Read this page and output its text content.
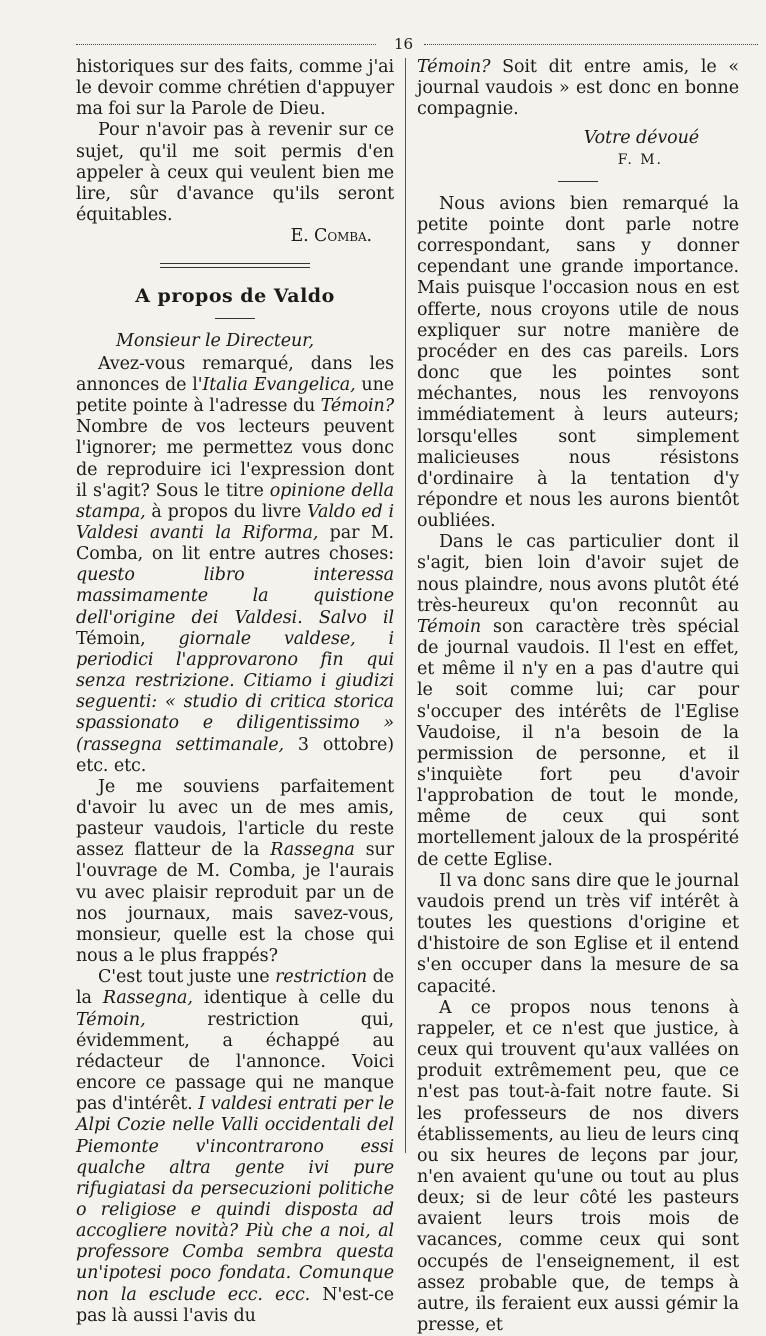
16

historiques sur des faits, comme j'ai le devoir comme chrétien d'appuyer ma foi sur la Parole de Dieu.

Pour n'avoir pas à revenir sur ce sujet, qu'il me soit permis d'en appeler à ceux qui veulent bien me lire, sûr d'avance qu'ils seront équitables.

E. Comba.

A propos de Valdo

Monsieur le Directeur,

Avez-vous remarqué, dans les annonces de l'Italia Evangelica, une petite pointe à l'adresse du Témoin? Nombre de vos lecteurs peuvent l'ignorer; me permettez vous donc de reproduire ici l'expression dont il s'agit? Sous le titre opinione della stampa, à propos du livre Valdo ed i Valdesi avanti la Riforma, par M. Comba, on lit entre autres choses: questo libro interessa massimamente la quistione dell'origine dei Valdesi. Salvo il Témoin, giornale valdese, i periodici l'approvarono fin qui senza restrizione. Citiamo i giudizi seguenti: « studio di critica storica spassionato e diligentissimo » (rassegna settimanale, 3 ottobre) etc. etc.

Je me souviens parfaitement d'avoir lu avec un de mes amis, pasteur vaudois, l'article du reste assez flatteur de la Rassegna sur l'ouvrage de M. Comba, je l'aurais vu avec plaisir reproduit par un de nos journaux, mais savez-vous, monsieur, quelle est la chose qui nous a le plus frappés?

C'est tout juste une restriction de la Rassegna, identique à celle du Témoin, restriction qui, évidemment, a échappé au rédacteur de l'annonce. Voici encore ce passage qui ne manque pas d'intérêt. I valdesi entrati per le Alpi Cozie nelle Valli occidentali del Piemonte v'incontrarono essi qualche altra gente ivi pure rifugiatasi da persecuzioni politiche o religiose e quindi disposta ad accogliere novità? Più che a noi, al professore Comba sembra questa un'ipotesi poco fondata. Comunque non la esclude ecc. ecc. N'est-ce pas là aussi l'avis du

Témoin? Soit dit entre amis, le « journal vaudois » est donc en bonne compagnie.

Votre dévoué

F. M.

Nous avions bien remarqué la petite pointe dont parle notre correspondant, sans y donner cependant une grande importance. Mais puisque l'occasion nous en est offerte, nous croyons utile de nous expliquer sur notre manière de procéder en des cas pareils. Lors donc que les pointes sont méchantes, nous les renvoyons immédiatement à leurs auteurs; lorsqu'elles sont simplement malicieuses nous résistons d'ordinaire à la tentation d'y répondre et nous les aurons bientôt oubliées.

Dans le cas particulier dont il s'agit, bien loin d'avoir sujet de nous plaindre, nous avons plutôt été très-heureux qu'on reconnût au Témoin son caractère très spécial de journal vaudois. Il l'est en effet, et même il n'y en a pas d'autre qui le soit comme lui; car pour s'occuper des intérêts de l'Eglise Vaudoise, il n'a besoin de la permission de personne, et il s'inquiète fort peu d'avoir l'approbation de tout le monde, même de ceux qui sont mortellement jaloux de la prospérité de cette Eglise.

Il va donc sans dire que le journal vaudois prend un très vif intérêt à toutes les questions d'origine et d'histoire de son Eglise et il entend s'en occuper dans la mesure de sa capacité.

A ce propos nous tenons à rappeler, et ce n'est que justice, à ceux qui trouvent qu'aux vallées on produit extrêmement peu, que ce n'est pas tout-à-fait notre faute. Si les professeurs de nos divers établissements, au lieu de leurs cinq ou six heures de leçons par jour, n'en avaient qu'une ou tout au plus deux; si de leur côté les pasteurs avaient leurs trois mois de vacances, comme ceux qui sont occupés de l'enseignement, il est assez probable que, de temps à autre, ils feraient eux aussi gémir la presse, et
